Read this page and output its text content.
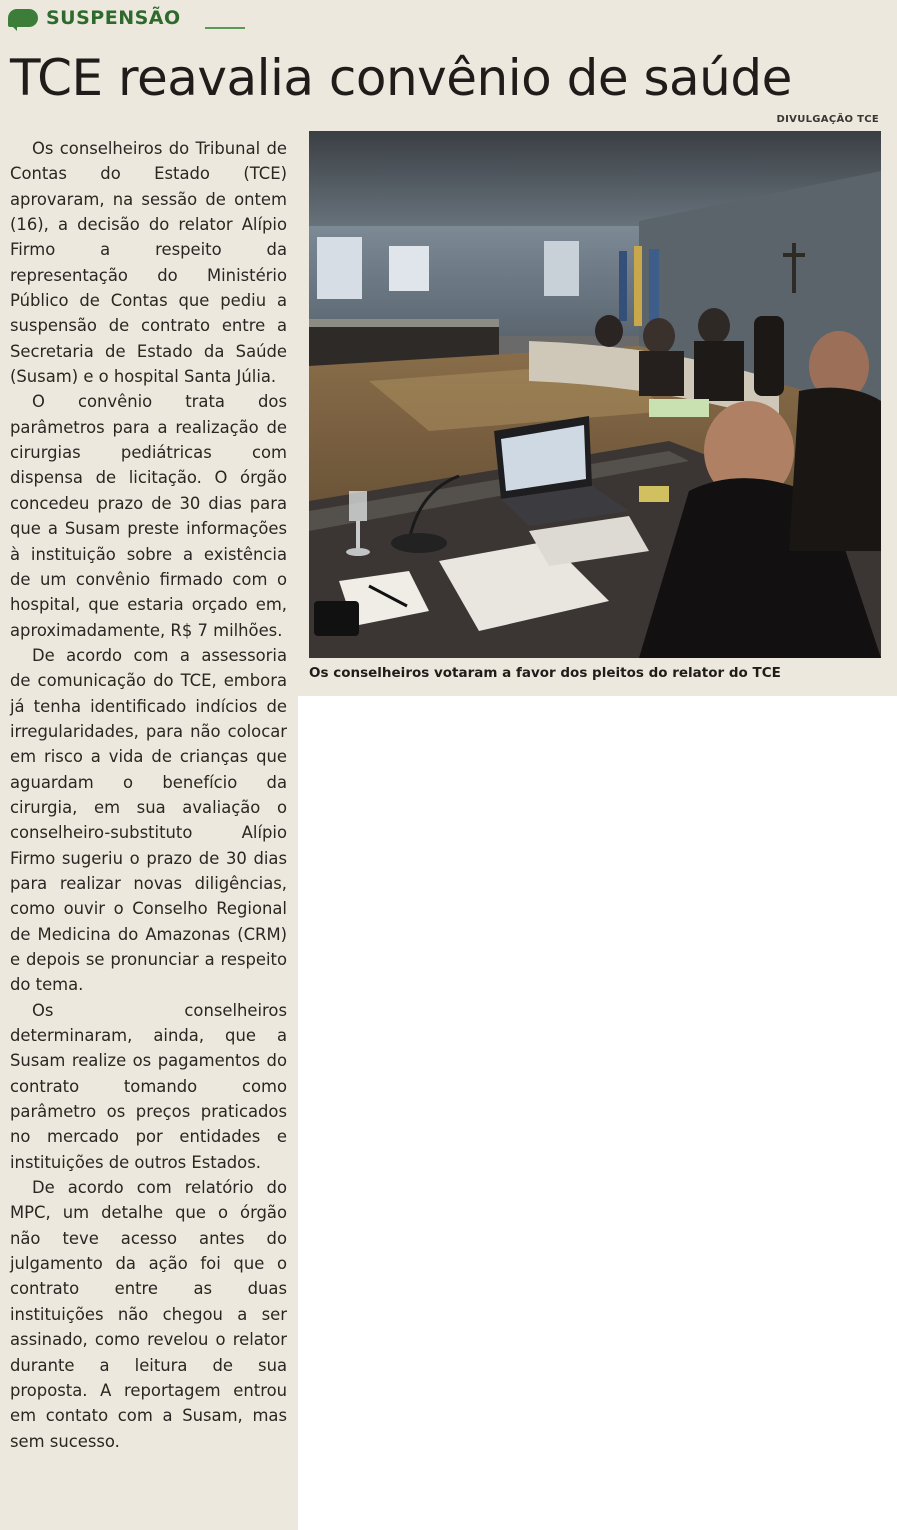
SUSPENSÃO
TCE reavalia convênio de saúde
DIVULGAÇÃO TCE
Os conselheiros votaram a favor dos pleitos do relator do TCE

Os conselheiros do Tribunal de Contas do Estado (TCE) aprovaram, na sessão de ontem (16), a decisão do relator Alípio Firmo a respeito da representação do Ministério Público de Contas que pediu a suspensão de contrato entre a Secretaria de Estado da Saúde (Susam) e o hospital Santa Júlia.

O convênio trata dos parâmetros para a realização de cirurgias pediátricas com dispensa de licitação. O órgão concedeu prazo de 30 dias para que a Susam preste informações à instituição sobre a existência de um convênio firmado com o hospital, que estaria orçado em, aproximadamente, R$ 7 milhões.

De acordo com a assessoria de comunicação do TCE, embora já tenha identificado indícios de irregularidades, para não colocar em risco a vida de crianças que aguardam o benefício da cirurgia, em sua avaliação o conselheiro-substituto Alípio Firmo sugeriu o prazo de 30 dias para realizar novas diligências, como ouvir o Conselho Regional de Medicina do Amazonas (CRM) e depois se pronunciar a respeito do tema.

Os conselheiros determinaram, ainda, que a Susam realize os pagamentos do contrato tomando como parâmetro os preços praticados no mercado por entidades e instituições de outros Estados.

De acordo com relatório do MPC, um detalhe que o órgão não teve acesso antes do julgamento da ação foi que o contrato entre as duas instituições não chegou a ser assinado, como revelou o relator durante a leitura de sua proposta. A reportagem entrou em contato com a Susam, mas sem sucesso.
